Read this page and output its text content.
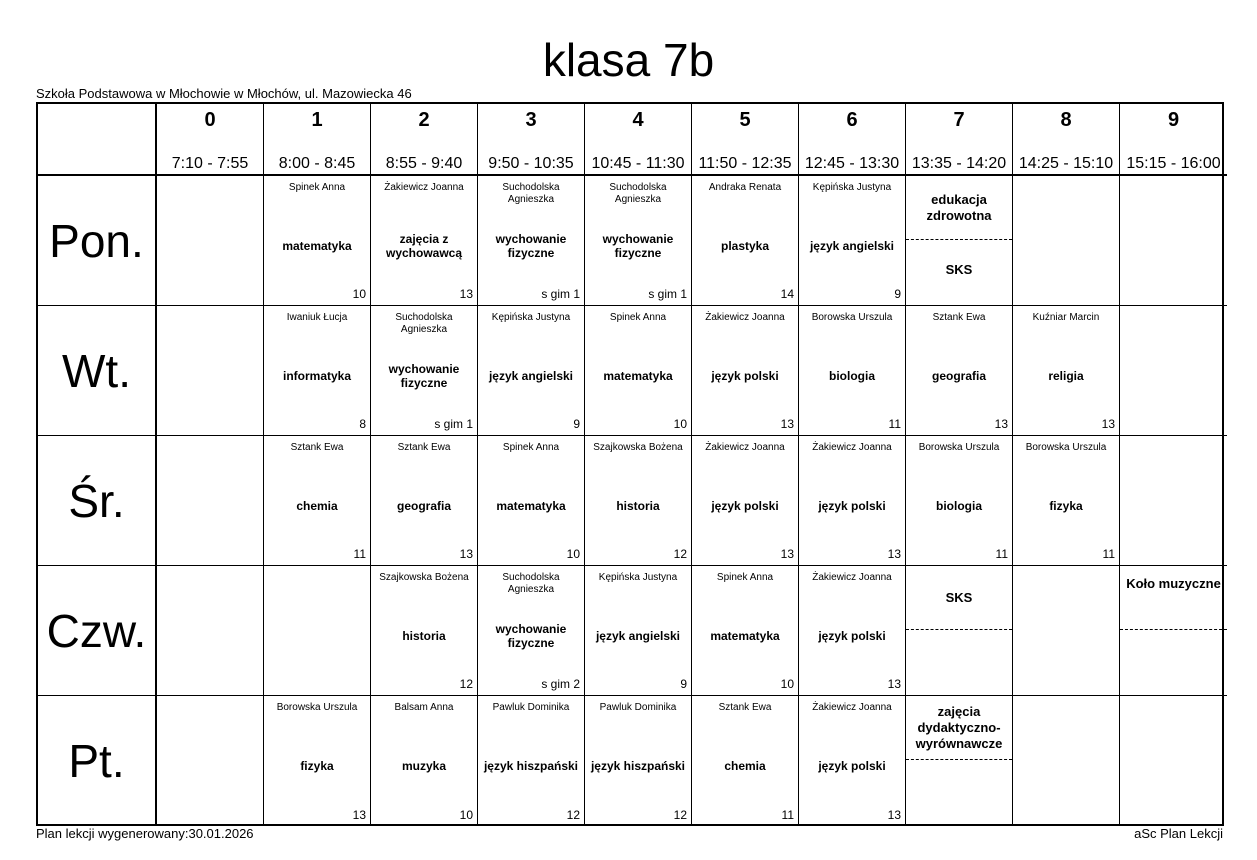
klasa 7b
Szkoła Podstawowa w Młochowie w Młochów, ul. Mazowiecka 46
0
7:10 - 7:55
1
8:00 - 8:45
2
8:55 - 9:40
3
9:50 - 10:35
4
10:45 - 11:30
5
11:50 - 12:35
6
12:45 - 13:30
7
13:35 - 14:20
8
14:25 - 15:10
9
15:15 - 16:00
Pon.
Spinek Anna
matematyka
10
Żakiewicz Joanna
zajęcia z wychowawcą
13
Suchodolska Agnieszka
wychowanie fizyczne
s gim 1
Suchodolska Agnieszka
wychowanie fizyczne
s gim 1
Andraka Renata
plastyka
14
Kępińska Justyna
język angielski
9
edukacja zdrowotna
SKS
Wt.
Iwaniuk Łucja
informatyka
8
Suchodolska Agnieszka
wychowanie fizyczne
s gim 1
Kępińska Justyna
język angielski
9
Spinek Anna
matematyka
10
Żakiewicz Joanna
język polski
13
Borowska Urszula
biologia
11
Sztank Ewa
geografia
13
Kuźniar Marcin
religia
13
Śr.
Sztank Ewa
chemia
11
Sztank Ewa
geografia
13
Spinek Anna
matematyka
10
Szajkowska Bożena
historia
12
Żakiewicz Joanna
język polski
13
Żakiewicz Joanna
język polski
13
Borowska Urszula
biologia
11
Borowska Urszula
fizyka
11
Czw.
Szajkowska Bożena
historia
12
Suchodolska Agnieszka
wychowanie fizyczne
s gim 2
Kępińska Justyna
język angielski
9
Spinek Anna
matematyka
10
Żakiewicz Joanna
język polski
13
SKS
Koło muzyczne
Pt.
Borowska Urszula
fizyka
13
Balsam Anna
muzyka
10
Pawluk Dominika
język hiszpański
12
Pawluk Dominika
język hiszpański
12
Sztank Ewa
chemia
11
Żakiewicz Joanna
język polski
13
zajęcia dydaktyczno-wyrównawcze
Plan lekcji wygenerowany:30.01.2026	aSc Plan Lekcji
